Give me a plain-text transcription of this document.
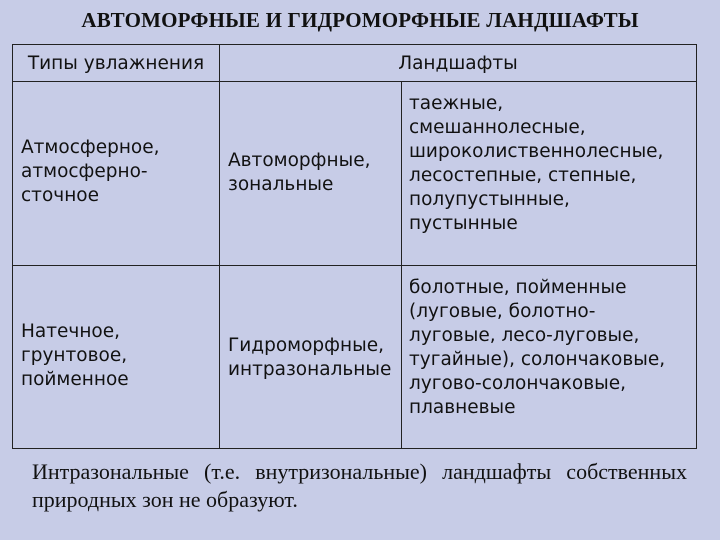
АВТОМОРФНЫЕ И ГИДРОМОРФНЫЕ ЛАНДШАФТЫ
Типы увлажнения	Ландшафты
Атмосферное,
атмосферно-
сточное
Автоморфные,
зональные
таежные,
смешаннолесные,
широколиственнолесные,
лесостепные, степные,
полупустынные,
пустынные
Натечное,
грунтовое,
пойменное
Гидроморфные,
интразональные
болотные, пойменные
(луговые, болотно-
луговые, лесо-луговые,
тугайные), солончаковые,
лугово-солончаковые,
плавневые

Интразональные (т.е. внутризональные) ландшафты собственных природных зон не образуют.
